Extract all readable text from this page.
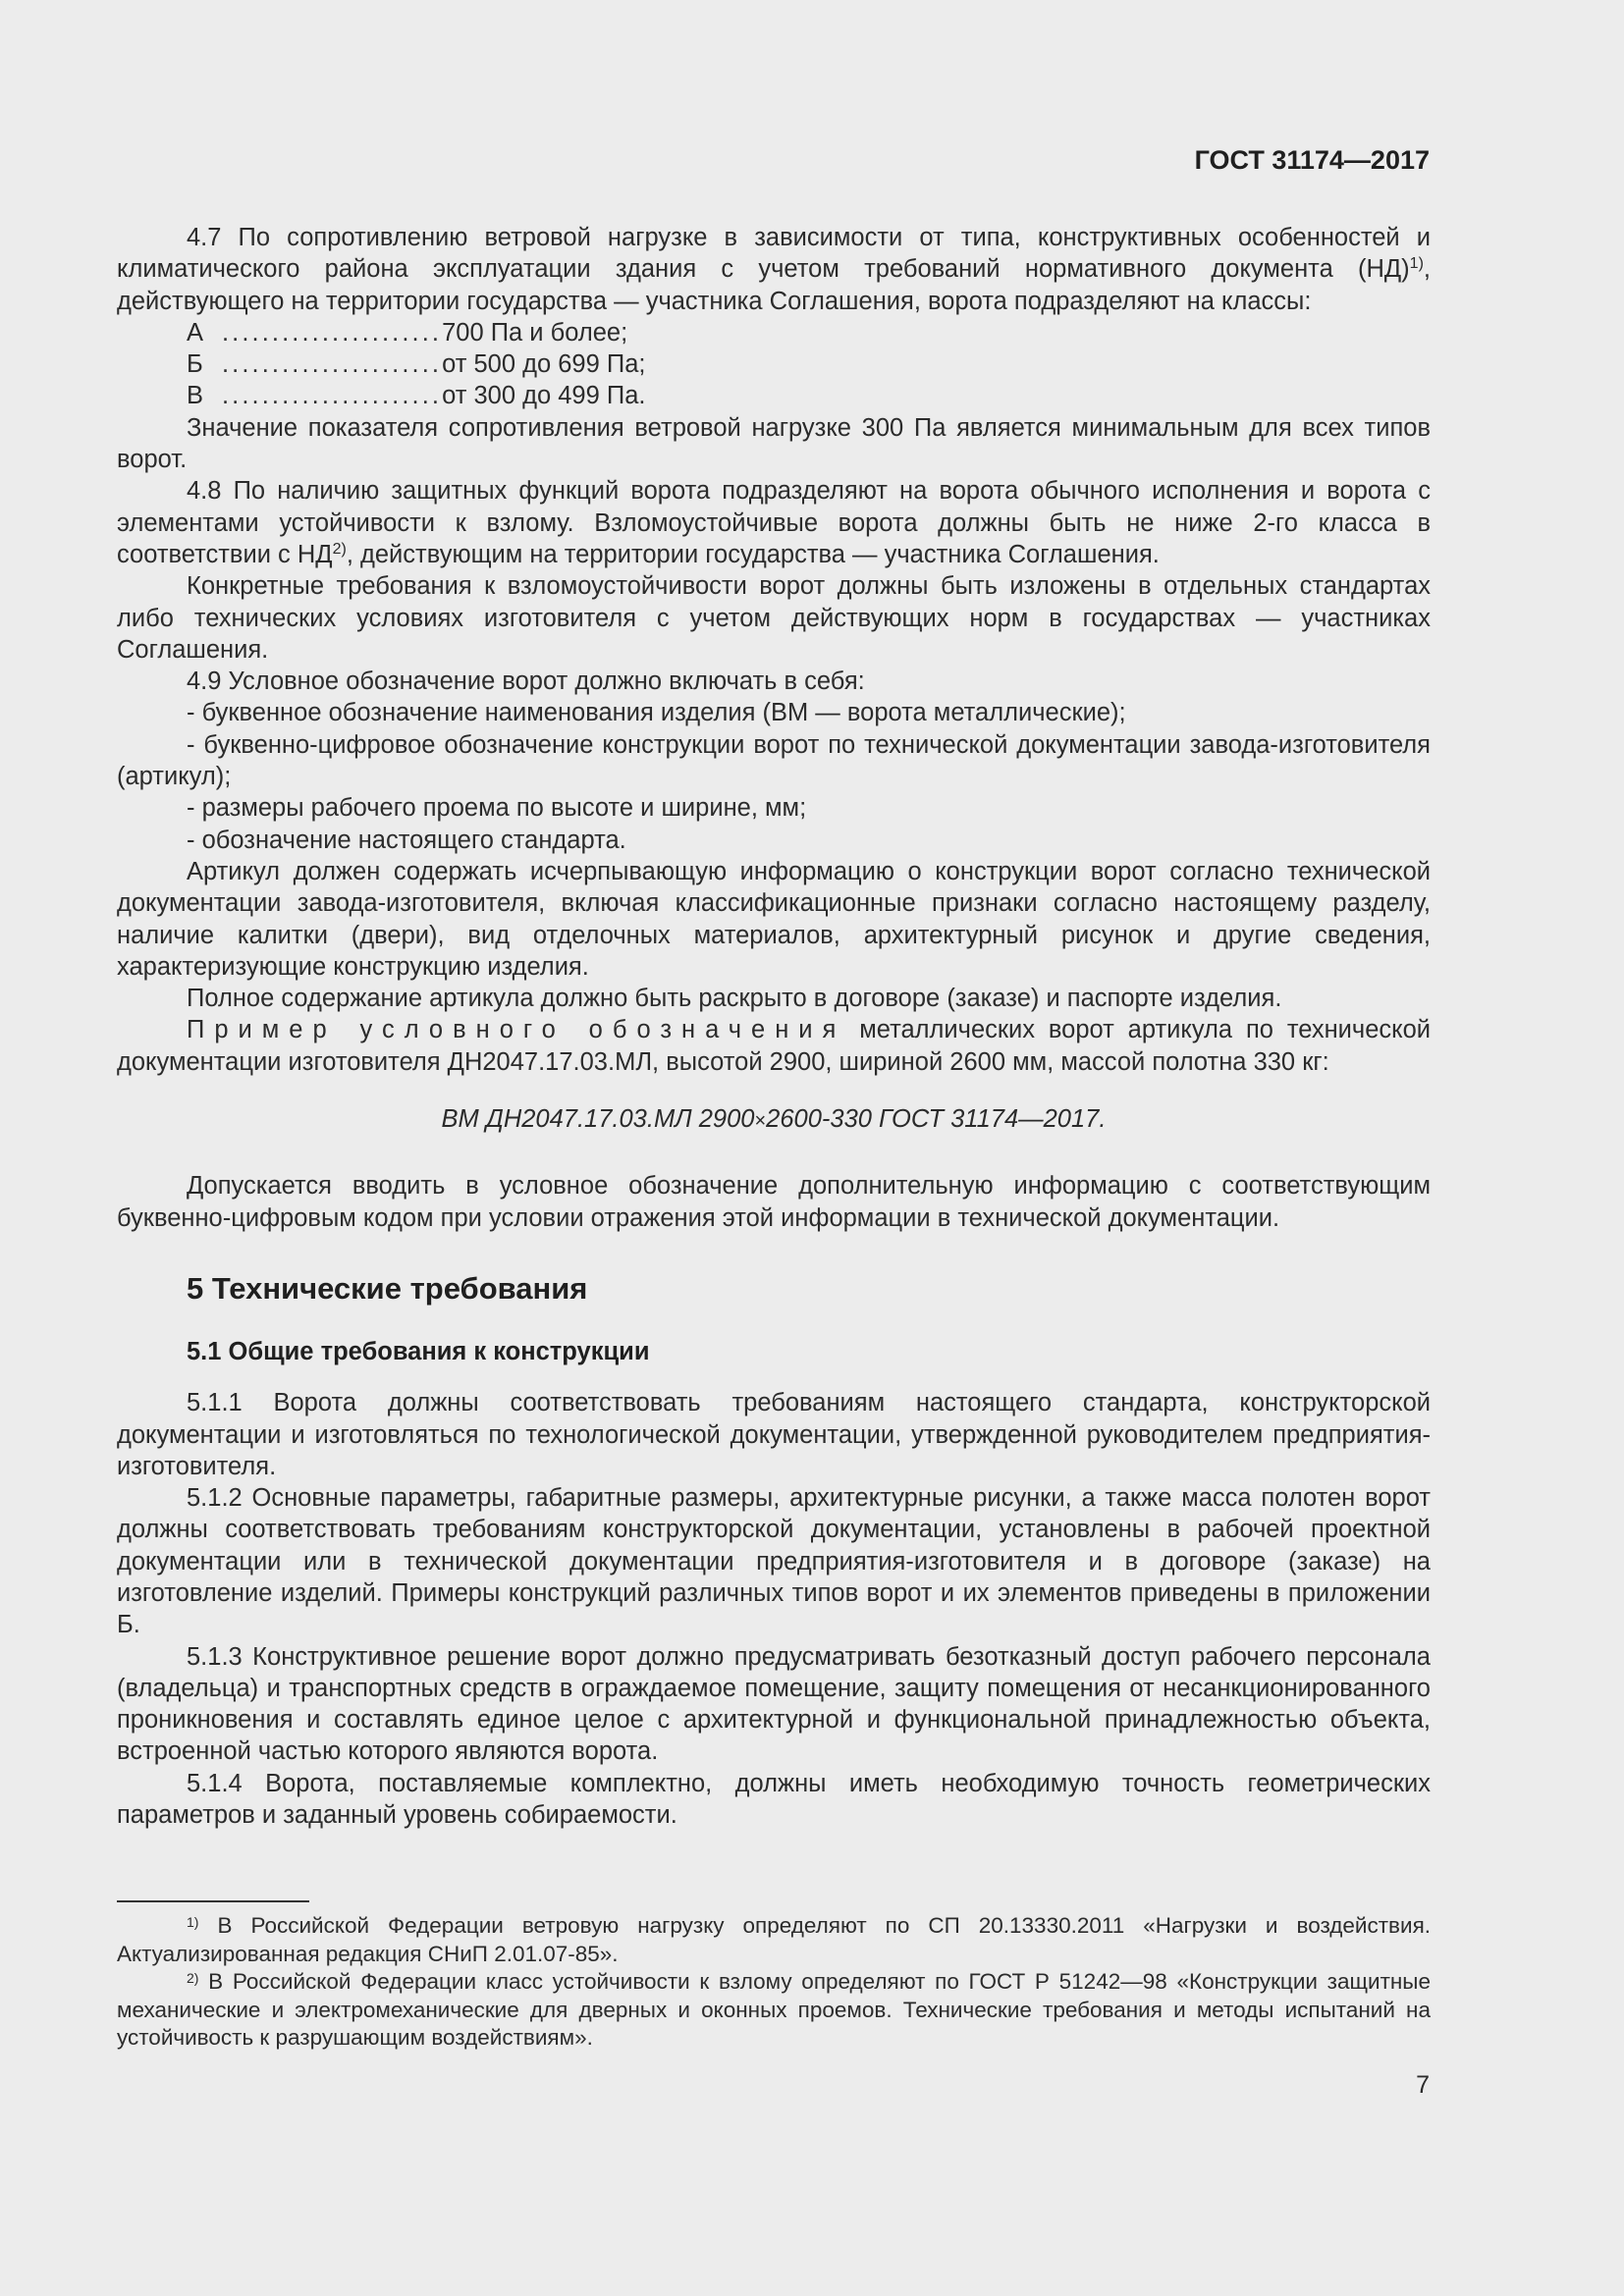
ГОСТ 31174—2017
4.7 По сопротивлению ветровой нагрузке в зависимости от типа, конструктивных особенностей и климатического района эксплуатации здания с учетом требований нормативного документа (НД)$^{1)}$, действующего на территории государства — участника Соглашения, ворота подразделяют на классы:
А ......................700 Па и более;
Б ......................от 500 до 699 Па;
В ......................от 300 до 499 Па.
Значение показателя сопротивления ветровой нагрузке 300 Па является минимальным для всех типов ворот.
4.8 По наличию защитных функций ворота подразделяют на ворота обычного исполнения и ворота с элементами устойчивости к взлому. Взломоустойчивые ворота должны быть не ниже 2-го класса в соответствии с НД$^{2)}$, действующим на территории государства — участника Соглашения.
Конкретные требования к взломоустойчивости ворот должны быть изложены в отдельных стандартах либо технических условиях изготовителя с учетом действующих норм в государствах — участниках Соглашения.
4.9 Условное обозначение ворот должно включать в себя:
- буквенное обозначение наименования изделия (ВМ — ворота металлические);
- буквенно-цифровое обозначение конструкции ворот по технической документации завода-изготовителя (артикул);
- размеры рабочего проема по высоте и ширине, мм;
- обозначение настоящего стандарта.
Артикул должен содержать исчерпывающую информацию о конструкции ворот согласно технической документации завода-изготовителя, включая классификационные признаки согласно настоящему разделу, наличие калитки (двери), вид отделочных материалов, архитектурный рисунок и другие сведения, характеризующие конструкцию изделия.
Полное содержание артикула должно быть раскрыто в договоре (заказе) и паспорте изделия.
Пример условного обозначения металлических ворот артикула по технической документации изготовителя ДН2047.17.03.МЛ, высотой 2900, шириной 2600 мм, массой полотна 330 кг:
ВМ ДН2047.17.03.МЛ 2900×2600-330 ГОСТ 31174—2017.
Допускается вводить в условное обозначение дополнительную информацию с соответствующим буквенно-цифровым кодом при условии отражения этой информации в технической документации.
5 Технические требования
5.1 Общие требования к конструкции
5.1.1 Ворота должны соответствовать требованиям настоящего стандарта, конструкторской документации и изготовляться по технологической документации, утвержденной руководителем предприятия-изготовителя.
5.1.2 Основные параметры, габаритные размеры, архитектурные рисунки, а также масса полотен ворот должны соответствовать требованиям конструкторской документации, установлены в рабочей проектной документации или в технической документации предприятия-изготовителя и в договоре (заказе) на изготовление изделий. Примеры конструкций различных типов ворот и их элементов приведены в приложении Б.
5.1.3 Конструктивное решение ворот должно предусматривать безотказный доступ рабочего персонала (владельца) и транспортных средств в ограждаемое помещение, защиту помещения от несанкционированного проникновения и составлять единое целое с архитектурной и функциональной принадлежностью объекта, встроенной частью которого являются ворота.
5.1.4 Ворота, поставляемые комплектно, должны иметь необходимую точность геометрических параметров и заданный уровень собираемости.
$^{1)}$ В Российской Федерации ветровую нагрузку определяют по СП 20.13330.2011 «Нагрузки и воздействия. Актуализированная редакция СНиП 2.01.07-85».
$^{2)}$ В Российской Федерации класс устойчивости к взлому определяют по ГОСТ Р 51242—98 «Конструкции защитные механические и электромеханические для дверных и оконных проемов. Технические требования и методы испытаний на устойчивость к разрушающим воздействиям».
7
